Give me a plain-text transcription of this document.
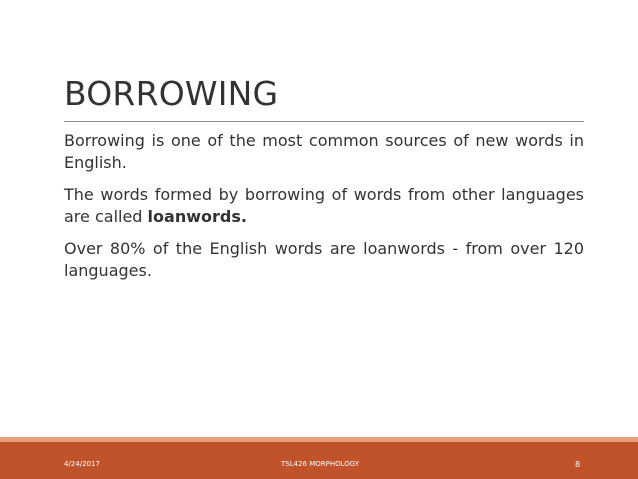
BORROWING

Borrowing is one of the most common sources of new words in English.

The words formed by borrowing of words from other languages are called loanwords.

Over 80% of the English words are loanwords - from over 120 languages.

4/24/2017	TSL426 MORPHOLOGY	8
